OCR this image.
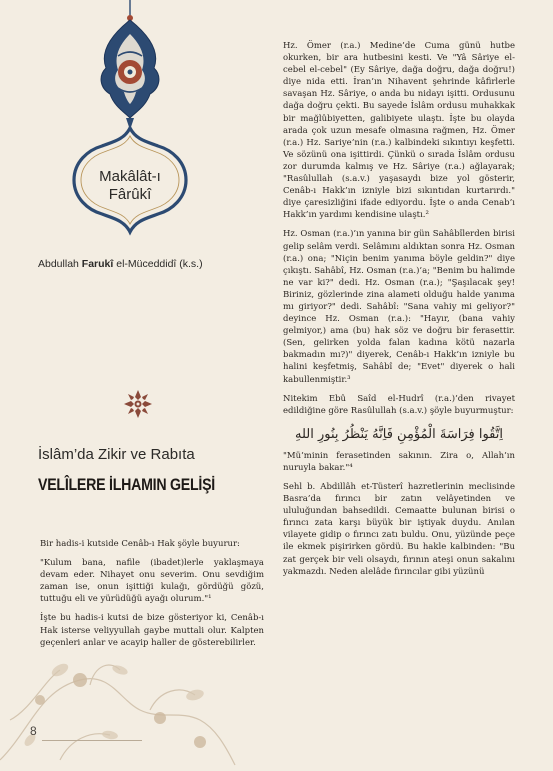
Makâlât-ı
Fârûkî
Abdullah Farukî el-Müceddidî (k.s.)
İslâm’da Zikir ve Rabıta
VELÎLERE İLHAMIN GELİŞİ

Bir hadis-i kutside Cenâb-ı Hak şöyle buyurur:

"Kulum bana, nafile (ibadet)lerle yaklaşmaya devam eder. Nihayet onu severim. Onu sevdiğim zaman ise, onun işittiği kulağı, gördüğü gözü, tuttuğu eli ve yürüdüğü ayağı olurum."¹

İşte bu hadis-i kutsi de bize gösteriyor ki, Cenâb-ı Hak isterse veliyyullah gaybe muttali olur. Kalpten geçenleri anlar ve acayip haller de gösterebilirler.

Hz. Ömer (r.a.) Medine’de Cuma günü hutbe okurken, bir ara hutbesini kesti. Ve "Yâ Sâriye el-cebel el-cebel" (Ey Sâriye, dağa doğru, dağa doğru!) diye nida etti. İran’ın Nihavent şehrinde kâfirlerle savaşan Hz. Sâriye, o anda bu nidayı işitti. Ordusunu dağa doğru çekti. Bu sayede İslâm ordusu muhakkak bir mağlûbiyetten, galibiyete ulaştı. İşte bu olayda arada çok uzun mesafe olmasına rağmen, Hz. Ömer (r.a.) Hz. Sariye’nin (r.a.) kalbindeki sıkıntıyı keşfetti. Ve sözünü ona işittirdi. Çünkü o sırada İslâm ordusu zor durumda kalmış ve Hz. Sâriye (r.a.) ağlayarak; "Rasûlullah (s.a.v.) yaşasaydı bize yol gösterir, Cenâb-ı Hakk’ın izniyle bizi sıkıntıdan kurtarırdı." diye çaresizliğini ifade ediyordu. İşte o anda Cenab’ı Hakk’ın yardımı kendisine ulaştı.²

Hz. Osman (r.a.)’ın yanına bir gün Sahâbîlerden birisi gelip selâm verdi. Selâmını aldıktan sonra Hz. Osman (r.a.) ona; "Niçin benim yanıma böyle geldin?" diye çıkıştı. Sahâbî, Hz. Osman (r.a.)’a; "Benim bu halimde ne var ki?" dedi. Hz. Osman (r.a.); "Şaşılacak şey! Biriniz, gözlerinde zina alameti olduğu halde yanıma mı giriyor?" dedi. Sahâbî: "Sana vahiy mi geliyor?" deyince Hz. Osman (r.a.): "Hayır, (bana vahiy gelmiyor,) ama (bu) hak söz ve doğru bir ferasettir. (Sen, gelirken yolda falan kadına kötü nazarla bakmadın mı?)" diyerek, Cenâb-ı Hakk’ın izniyle bu halini keşfetmiş, Sahâbî de; "Evet" diyerek o hali kabullenmiştir.³

Nitekim Ebû Saîd el-Hudrî (r.a.)’den rivayet edildiğine göre Rasûlullah (s.a.v.) şöyle buyurmuştur:

اِتَّقُوا فِرَاسَةَ الْمُؤْمِنِ فَاِنَّهُ يَنْظُرُ بِنُورِ اللهِ

"Mü’minin ferasetinden sakının. Zira o, Allah’ın nuruyla bakar."⁴

Sehl b. Abdillâh et-Tüsterî hazretlerinin meclisinde Basra’da fırıncı bir zatın velâyetinden ve ululuğundan bahsedildi. Cemaatte bulunan birisi o fırıncı zata karşı büyük bir iştiyak duydu. Anılan vilayete gidip o fırıncı zatı buldu. Onu, yüzünde peçe ile ekmek pişirirken gördü. Bu hakle kalbinden: "Bu zat gerçek bir veli olsaydı, fırının ateşi onun sakalını yakmazdı. Neden alelâde fırıncılar gibi yüzünü

8
